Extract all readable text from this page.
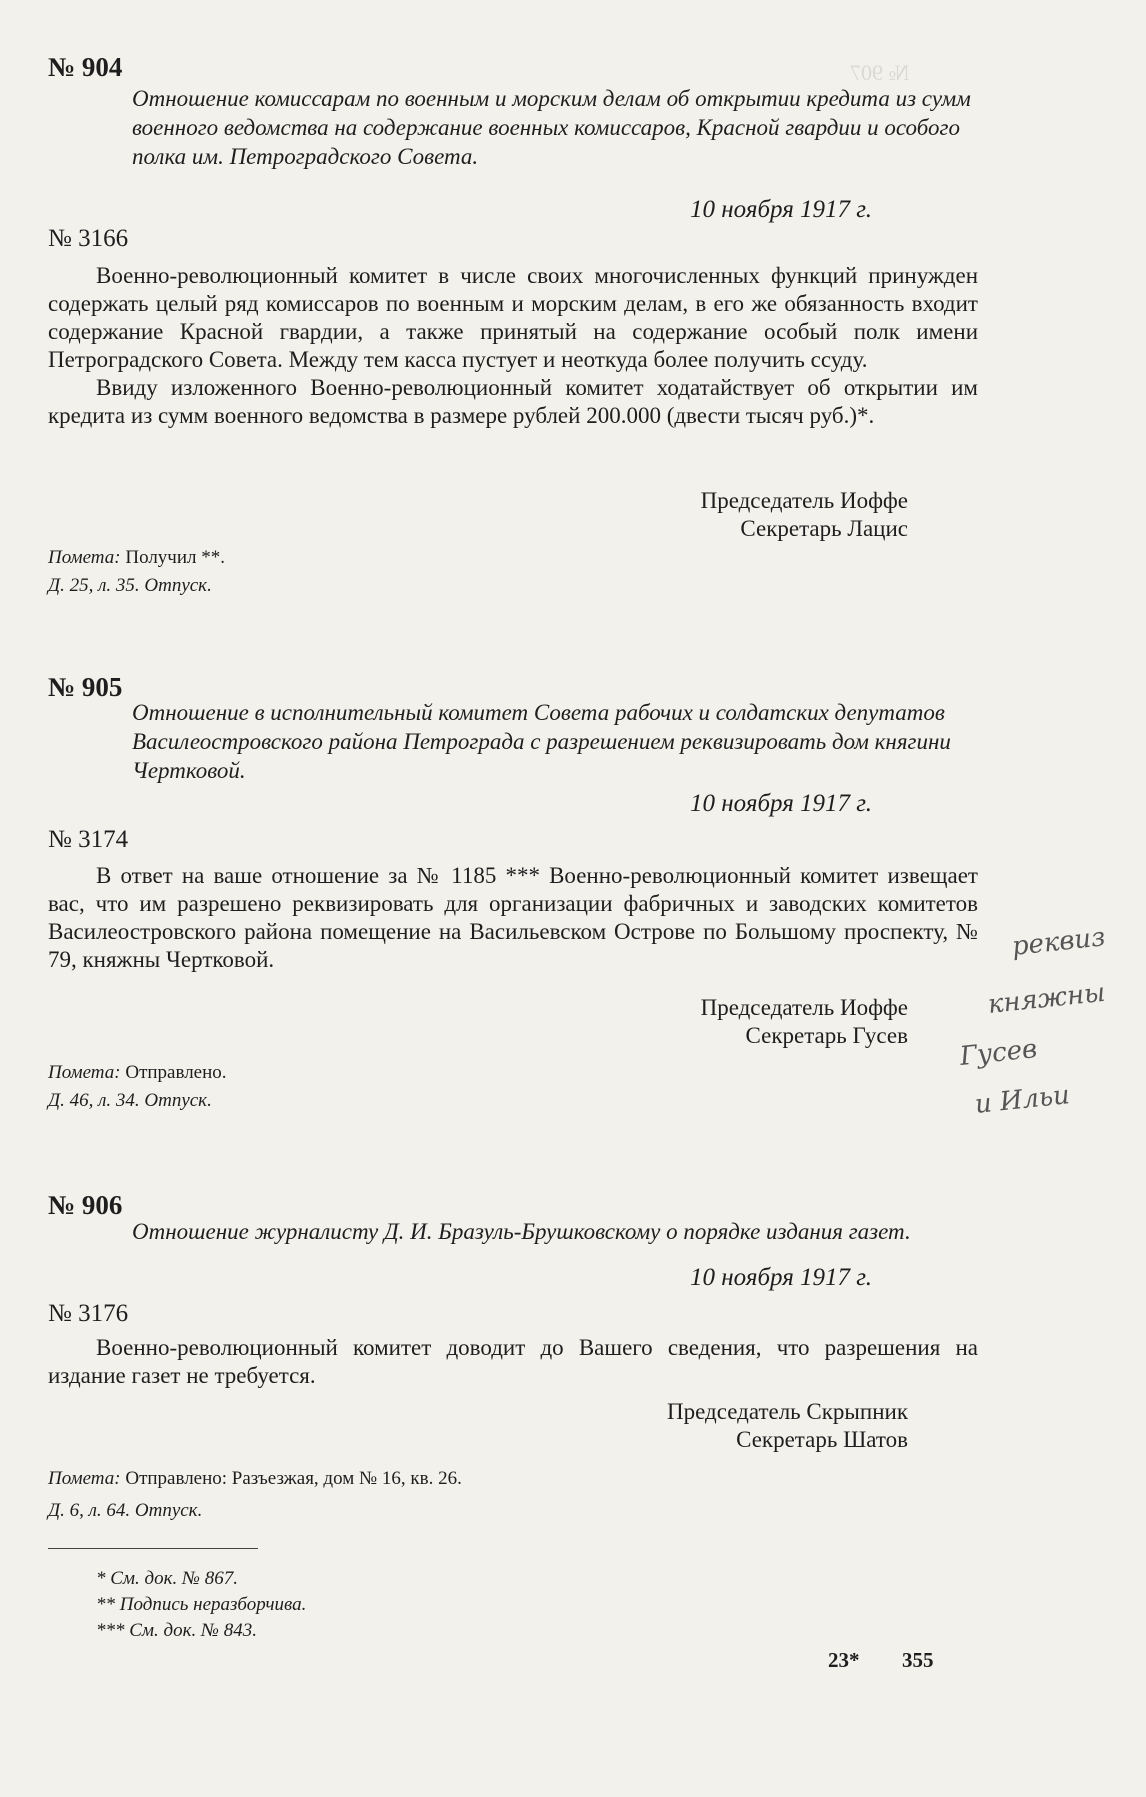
№ 907
№ 904
Отношение комиссарам по военным и морским делам об открытии кредита из сумм военного ведомства на содержание военных комиссаров, Красной гвардии и особого полка им. Петроградского Совета.
10 ноября 1917 г.
№ 3166

Военно-революционный комитет в числе своих многочисленных функций принужден содержать целый ряд комиссаров по военным и морским делам, в его же обязанность входит содержание Красной гвардии, а также принятый на содержание особый полк имени Петроградского Совета. Между тем касса пустует и неоткуда более получить ссуду.

Ввиду изложенного Военно-революционный комитет ходатайствует об открытии им кредита из сумм военного ведомства в размере рублей 200.000 (двести тысяч руб.)*.

Председатель Иоффе
Секретарь Лацис
Помета: Получил **.
Д. 25, л. 35. Отпуск.
№ 905
Отношение в исполнительный комитет Совета рабочих и солдатских депутатов Василеостровского района Петрограда с разрешением реквизировать дом княгини Чертковой.
10 ноября 1917 г.
№ 3174

В ответ на ваше отношение за № 1185 *** Военно-революционный комитет извещает вас, что им разрешено реквизировать для организации фабричных и заводских комитетов Василеостровского района помещение на Васильевском Острове по Большому проспекту, № 79, княжны Чертковой.

Председатель Иоффе
Секретарь Гусев
Помета: Отправлено.
Д. 46, л. 34. Отпуск.
реквиз
княжны
Гусев
и Ильи
№ 906
Отношение журналисту Д. И. Бразуль-Брушковскому о порядке издания газет.
10 ноября 1917 г.
№ 3176

Военно-революционный комитет доводит до Вашего сведения, что разрешения на издание газет не требуется.

Председатель Скрыпник
Секретарь Шатов
Помета: Отправлено: Разъезжая, дом № 16, кв. 26.
Д. 6, л. 64. Отпуск.
* См. док. № 867.
** Подпись неразборчива.
*** См. док. № 843.
23* 355
